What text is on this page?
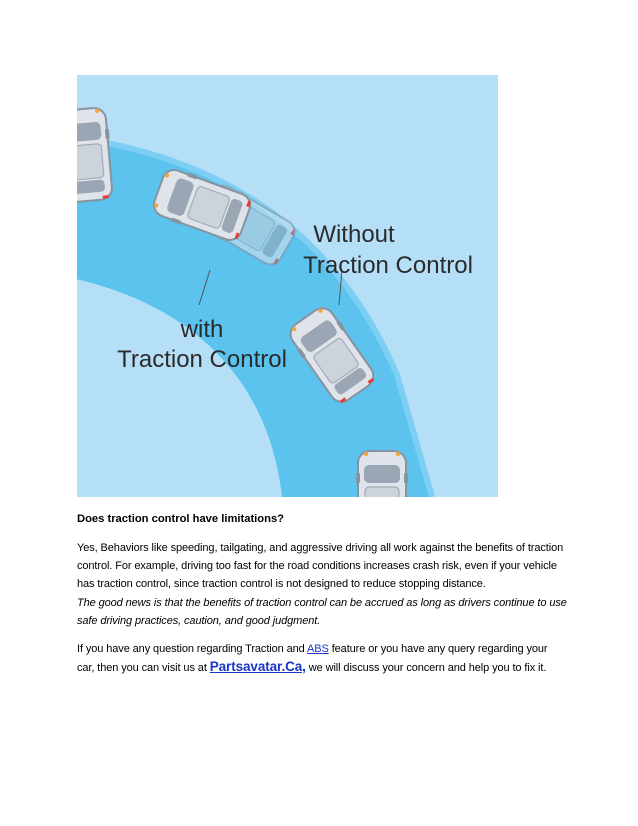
Without
Traction Control
with
Traction Control
Does traction control have limitations?
Yes, Behaviors like speeding, tailgating, and aggressive driving all work against the benefits of traction control. For example, driving too fast for the road conditions increases crash risk, even if your vehicle has traction control, since traction control is not designed to reduce stopping distance.
The good news is that the benefits of traction control can be accrued as long as drivers continue to use safe driving practices, caution, and good judgment.
If you have any question regarding Traction and ABS feature or you have any query regarding your car, then you can visit us at Partsavatar.Ca, we will discuss your concern and help you to fix it.
